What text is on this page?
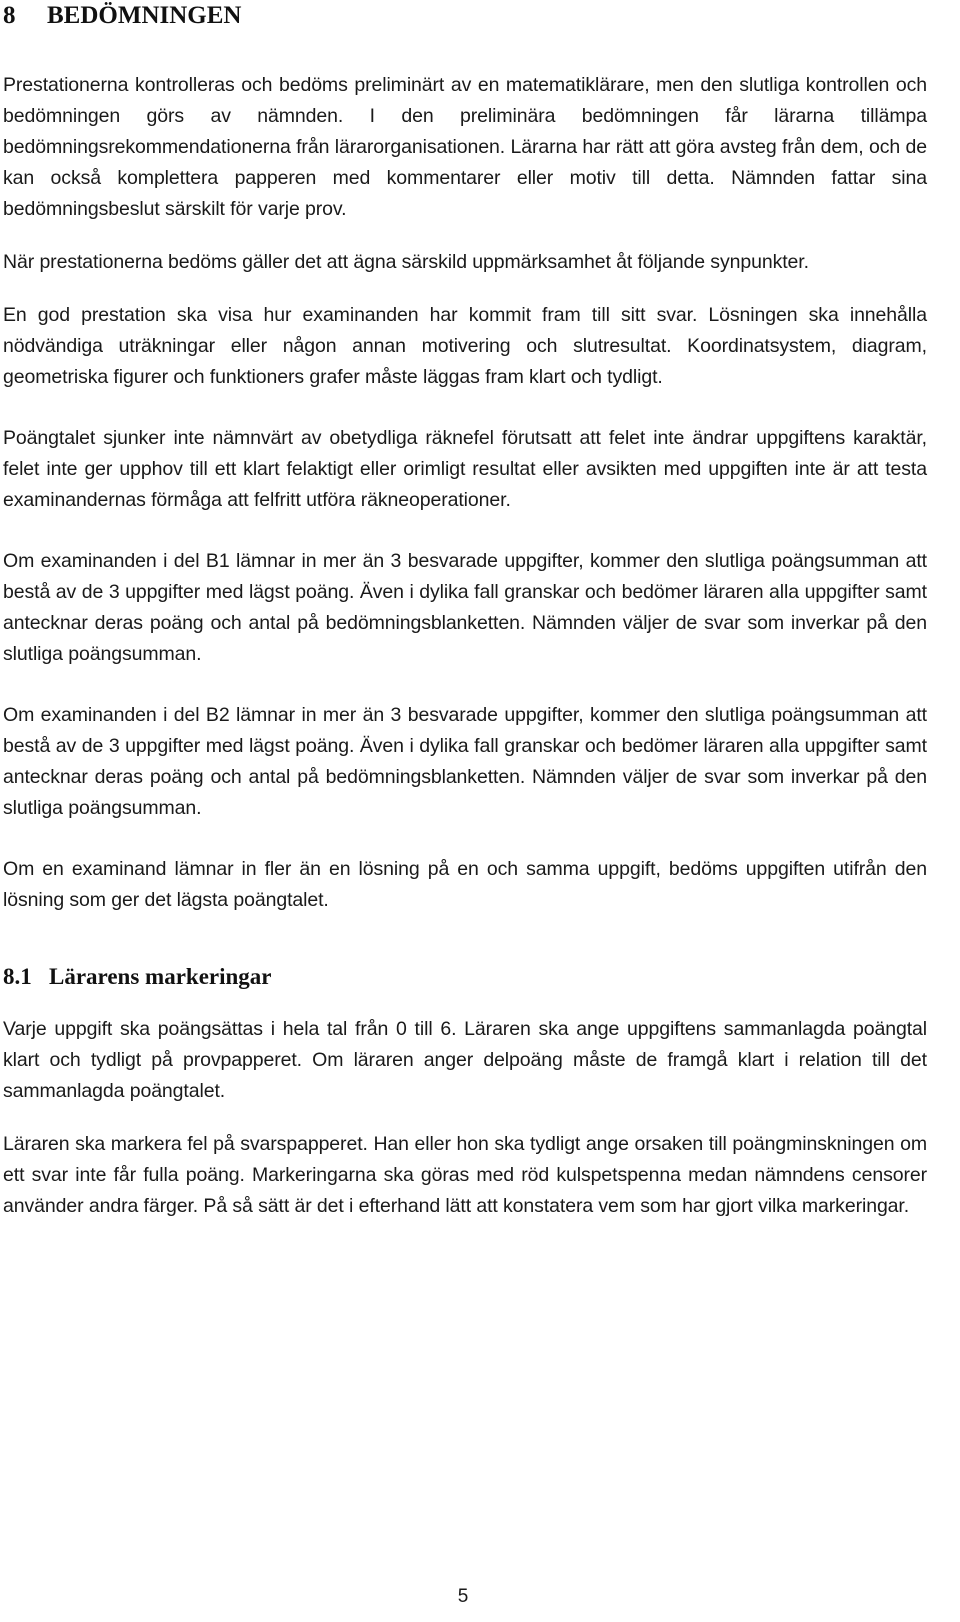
8 BEDÖMNINGEN

Prestationerna kontrolleras och bedöms preliminärt av en matematiklärare, men den slutliga kontrollen och bedömningen görs av nämnden. I den preliminära bedömningen får lärarna tillämpa bedömningsrekommendationerna från lärarorganisationen. Lärarna har rätt att göra avsteg från dem, och de kan också komplettera papperen med kommentarer eller motiv till detta. Nämnden fattar sina bedömningsbeslut särskilt för varje prov.

När prestationerna bedöms gäller det att ägna särskild uppmärksamhet åt följande synpunkter.

En god prestation ska visa hur examinanden har kommit fram till sitt svar. Lösningen ska innehålla nödvändiga uträkningar eller någon annan motivering och slutresultat. Koordinatsystem, diagram, geometriska figurer och funktioners grafer måste läggas fram klart och tydligt.

Poängtalet sjunker inte nämnvärt av obetydliga räknefel förutsatt att felet inte ändrar uppgiftens karaktär, felet inte ger upphov till ett klart felaktigt eller orimligt resultat eller avsikten med uppgiften inte är att testa examinandernas förmåga att felfritt utföra räkneoperationer.

Om examinanden i del B1 lämnar in mer än 3 besvarade uppgifter, kommer den slutliga poängsumman att bestå av de 3 uppgifter med lägst poäng. Även i dylika fall granskar och bedömer läraren alla uppgifter samt antecknar deras poäng och antal på bedömningsblanketten. Nämnden väljer de svar som inverkar på den slutliga poängsumman.

Om examinanden i del B2 lämnar in mer än 3 besvarade uppgifter, kommer den slutliga poängsumman att bestå av de 3 uppgifter med lägst poäng. Även i dylika fall granskar och bedömer läraren alla uppgifter samt antecknar deras poäng och antal på bedömningsblanketten. Nämnden väljer de svar som inverkar på den slutliga poängsumman.

Om en examinand lämnar in fler än en lösning på en och samma uppgift, bedöms uppgiften utifrån den lösning som ger det lägsta poängtalet.

8.1 Lärarens markeringar

Varje uppgift ska poängsättas i hela tal från 0 till 6. Läraren ska ange uppgiftens sammanlagda poängtal klart och tydligt på provpapperet. Om läraren anger delpoäng måste de framgå klart i relation till det sammanlagda poängtalet.

Läraren ska markera fel på svarspapperet. Han eller hon ska tydligt ange orsaken till poängminskningen om ett svar inte får fulla poäng. Markeringarna ska göras med röd kulspetspenna medan nämndens censorer använder andra färger. På så sätt är det i efterhand lätt att konstatera vem som har gjort vilka markeringar.

5
